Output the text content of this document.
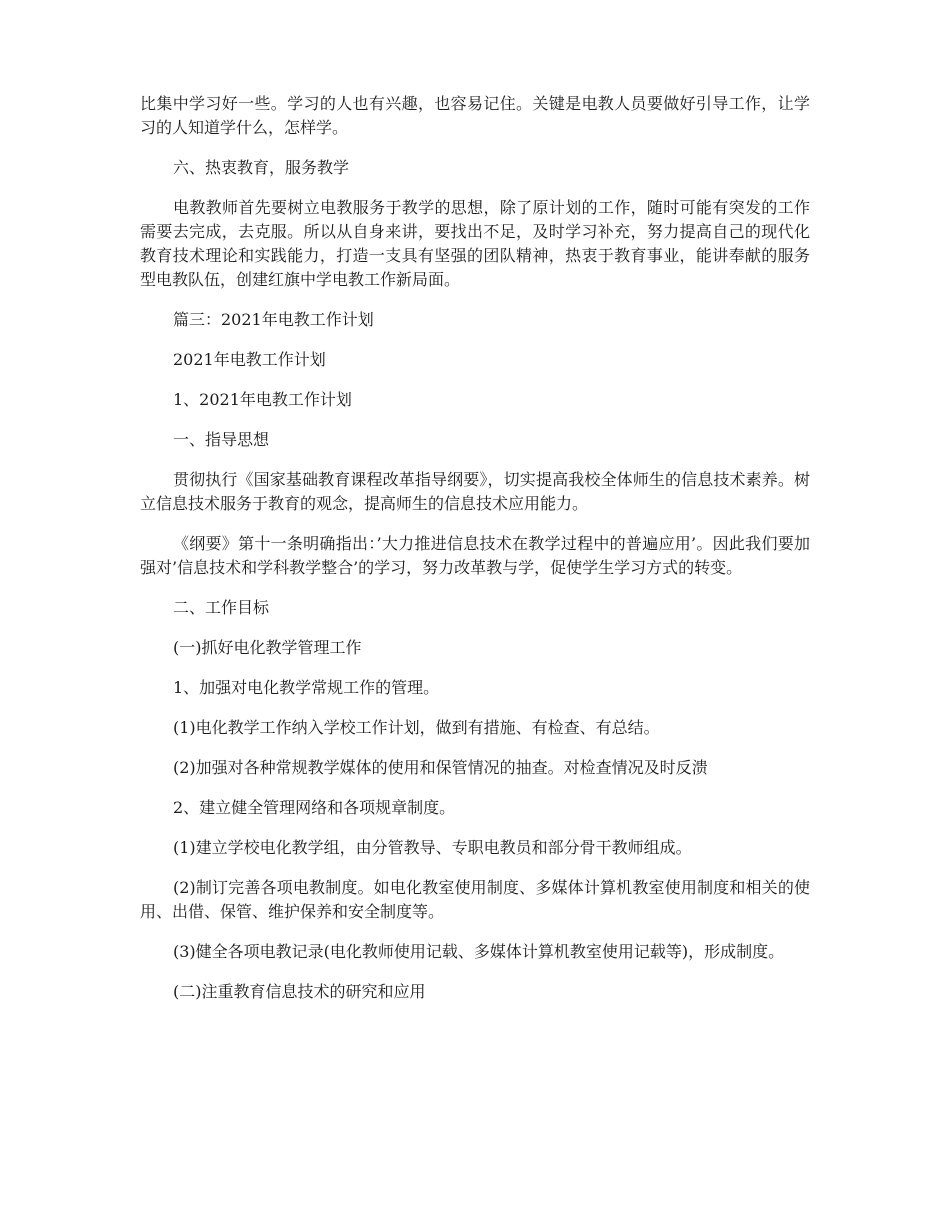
比集中学习好一些。学习的人也有兴趣，也容易记住。关键是电教人员要做好引导工作，让学习的人知道学什么，怎样学。

六、热衷教育，服务教学

电教教师首先要树立电教服务于教学的思想，除了原计划的工作，随时可能有突发的工作需要去完成，去克服。所以从自身来讲，要找出不足，及时学习补充，努力提高自己的现代化教育技术理论和实践能力，打造一支具有坚强的团队精神，热衷于教育事业，能讲奉献的服务型电教队伍，创建红旗中学电教工作新局面。

篇三：2021年电教工作计划

2021年电教工作计划

1、2021年电教工作计划

一、指导思想

贯彻执行《国家基础教育课程改革指导纲要》，切实提高我校全体师生的信息技术素养。树立信息技术服务于教育的观念，提高师生的信息技术应用能力。

《纲要》第十一条明确指出：’大力推进信息技术在教学过程中的普遍应用’。因此我们要加强对’信息技术和学科教学整合’的学习，努力改革教与学，促使学生学习方式的转变。

二、工作目标

(一)抓好电化教学管理工作

1、加强对电化教学常规工作的管理。

(1)电化教学工作纳入学校工作计划，做到有措施、有检查、有总结。

(2)加强对各种常规教学媒体的使用和保管情况的抽查。对检查情况及时反溃

2、建立健全管理网络和各项规章制度。

(1)建立学校电化教学组，由分管教导、专职电教员和部分骨干教师组成。

(2)制订完善各项电教制度。如电化教室使用制度、多媒体计算机教室使用制度和相关的使用、出借、保管、维护保养和安全制度等。

(3)健全各项电教记录(电化教师使用记载、多媒体计算机教室使用记载等)，形成制度。

(二)注重教育信息技术的研究和应用
